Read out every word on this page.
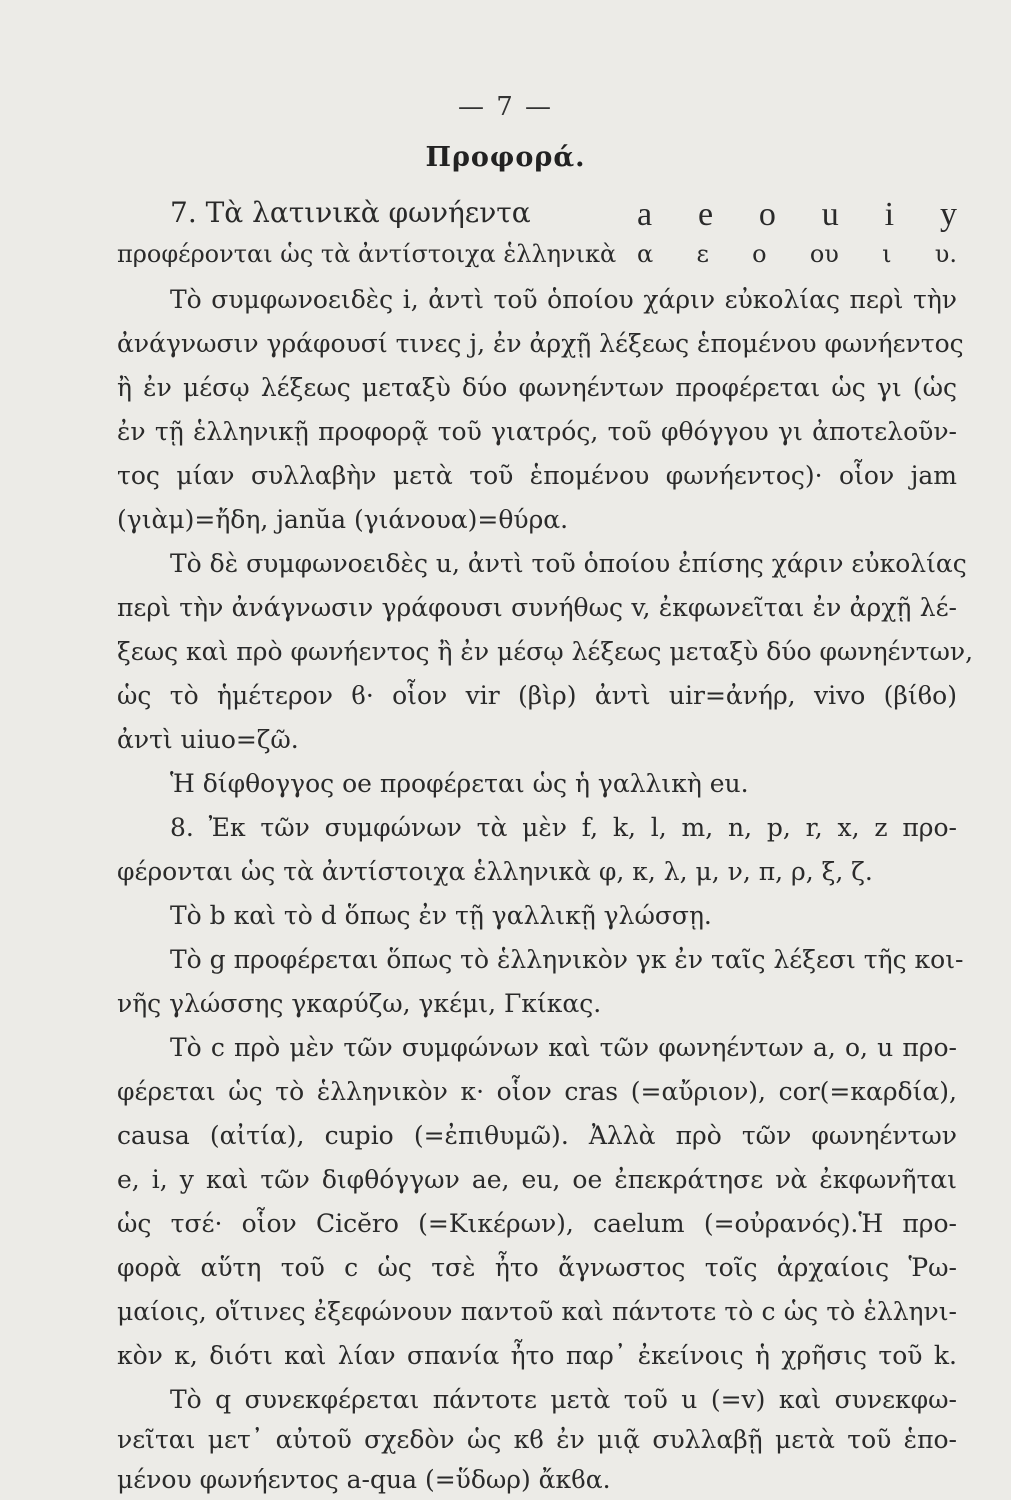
— 7 —
Προφορά.
7. Τὰ λατινικὰ φωνήεντα	a e o u i y
προφέρονται ὡς τὰ ἀντίστοιχα ἑλληνικὰ α ε ο ου ι υ.
Τὸ συμφωνοειδὲς i, ἀντὶ τοῦ ὁποίου χάριν εὐκολίας περὶ τὴν
ἀνάγνωσιν γράφουσί τινες j, ἐν ἀρχῇ λέξεως ἑπομένου φωνήεντος
ἢ ἐν μέσῳ λέξεως μεταξὺ δύο φωνηέντων προφέρεται ὡς γι (ὡς
ἐν τῇ ἑλληνικῇ προφορᾷ τοῦ γιατρός, τοῦ φθόγγου γι ἀποτελοῦν-
τος μίαν συλλαβὴν μετὰ τοῦ ἑπομένου φωνήεντος)· οἷον jam
(γιὰμ)=ἤδη, janŭa (γιάνουα)=θύρα.
Τὸ δὲ συμφωνοειδὲς u, ἀντὶ τοῦ ὁποίου ἐπίσης χάριν εὐκολίας
περὶ τὴν ἀνάγνωσιν γράφουσι συνήθως v, ἐκφωνεῖται ἐν ἀρχῇ λέ-
ξεως καὶ πρὸ φωνήεντος ἢ ἐν μέσῳ λέξεως μεταξὺ δύο φωνηέντων,
ὡς τὸ ἡμέτερον ϐ· οἷον vir (βὶρ) ἀντὶ uir=ἀνήρ, vivo (βίϐο)
ἀντὶ uiuo=ζῶ.
Ἡ δίφθογγος oe προφέρεται ὡς ἡ γαλλικὴ eu.
8. Ἐκ τῶν συμφώνων τὰ μὲν f, k, l, m, n, p, r, x, z προ-
φέρονται ὡς τὰ ἀντίστοιχα ἑλληνικὰ φ, κ, λ, μ, ν, π, ρ, ξ, ζ.
Τὸ b καὶ τὸ d ὅπως ἐν τῇ γαλλικῇ γλώσσῃ.
Τὸ g προφέρεται ὅπως τὸ ἑλληνικὸν γκ ἐν ταῖς λέξεσι τῆς κοι-
νῆς γλώσσης γκαρύζω, γκέμι, Γκίκας.
Τὸ c πρὸ μὲν τῶν συμφώνων καὶ τῶν φωνηέντων a, o, u προ-
φέρεται ὡς τὸ ἑλληνικὸν κ· οἷον cras (=αὔριον), cor(=καρδία),
causa (αἰτία), cupio (=ἐπιθυμῶ). Ἀλλὰ πρὸ τῶν φωνηέντων
e, i, y καὶ τῶν διφθόγγων ae, eu, oe ἐπεκράτησε νὰ ἐκφωνῆται
ὡς τσέ· οἷον Cicĕro (=Κικέρων), caelum (=οὐρανός).Ἡ προ-
φορὰ αὕτη τοῦ c ὡς τσὲ ἦτο ἄγνωστος τοῖς ἀρχαίοις Ῥω-
μαίοις, οἵτινες ἐξεφώνουν παντοῦ καὶ πάντοτε τὸ c ὡς τὸ ἑλληνι-
κὸν κ, διότι καὶ λίαν σπανία ἦτο παρ᾽ ἐκείνοις ἡ χρῆσις τοῦ k.
Τὸ q συνεκφέρεται πάντοτε μετὰ τοῦ u (=v) καὶ συνεκφω-
νεῖται μετ᾽ αὐτοῦ σχεδὸν ὡς κϐ ἐν μιᾷ συλλαβῇ μετὰ τοῦ ἑπο-
μένου φωνήεντος a-qua (=ὕδωρ) ἄκϐα.
